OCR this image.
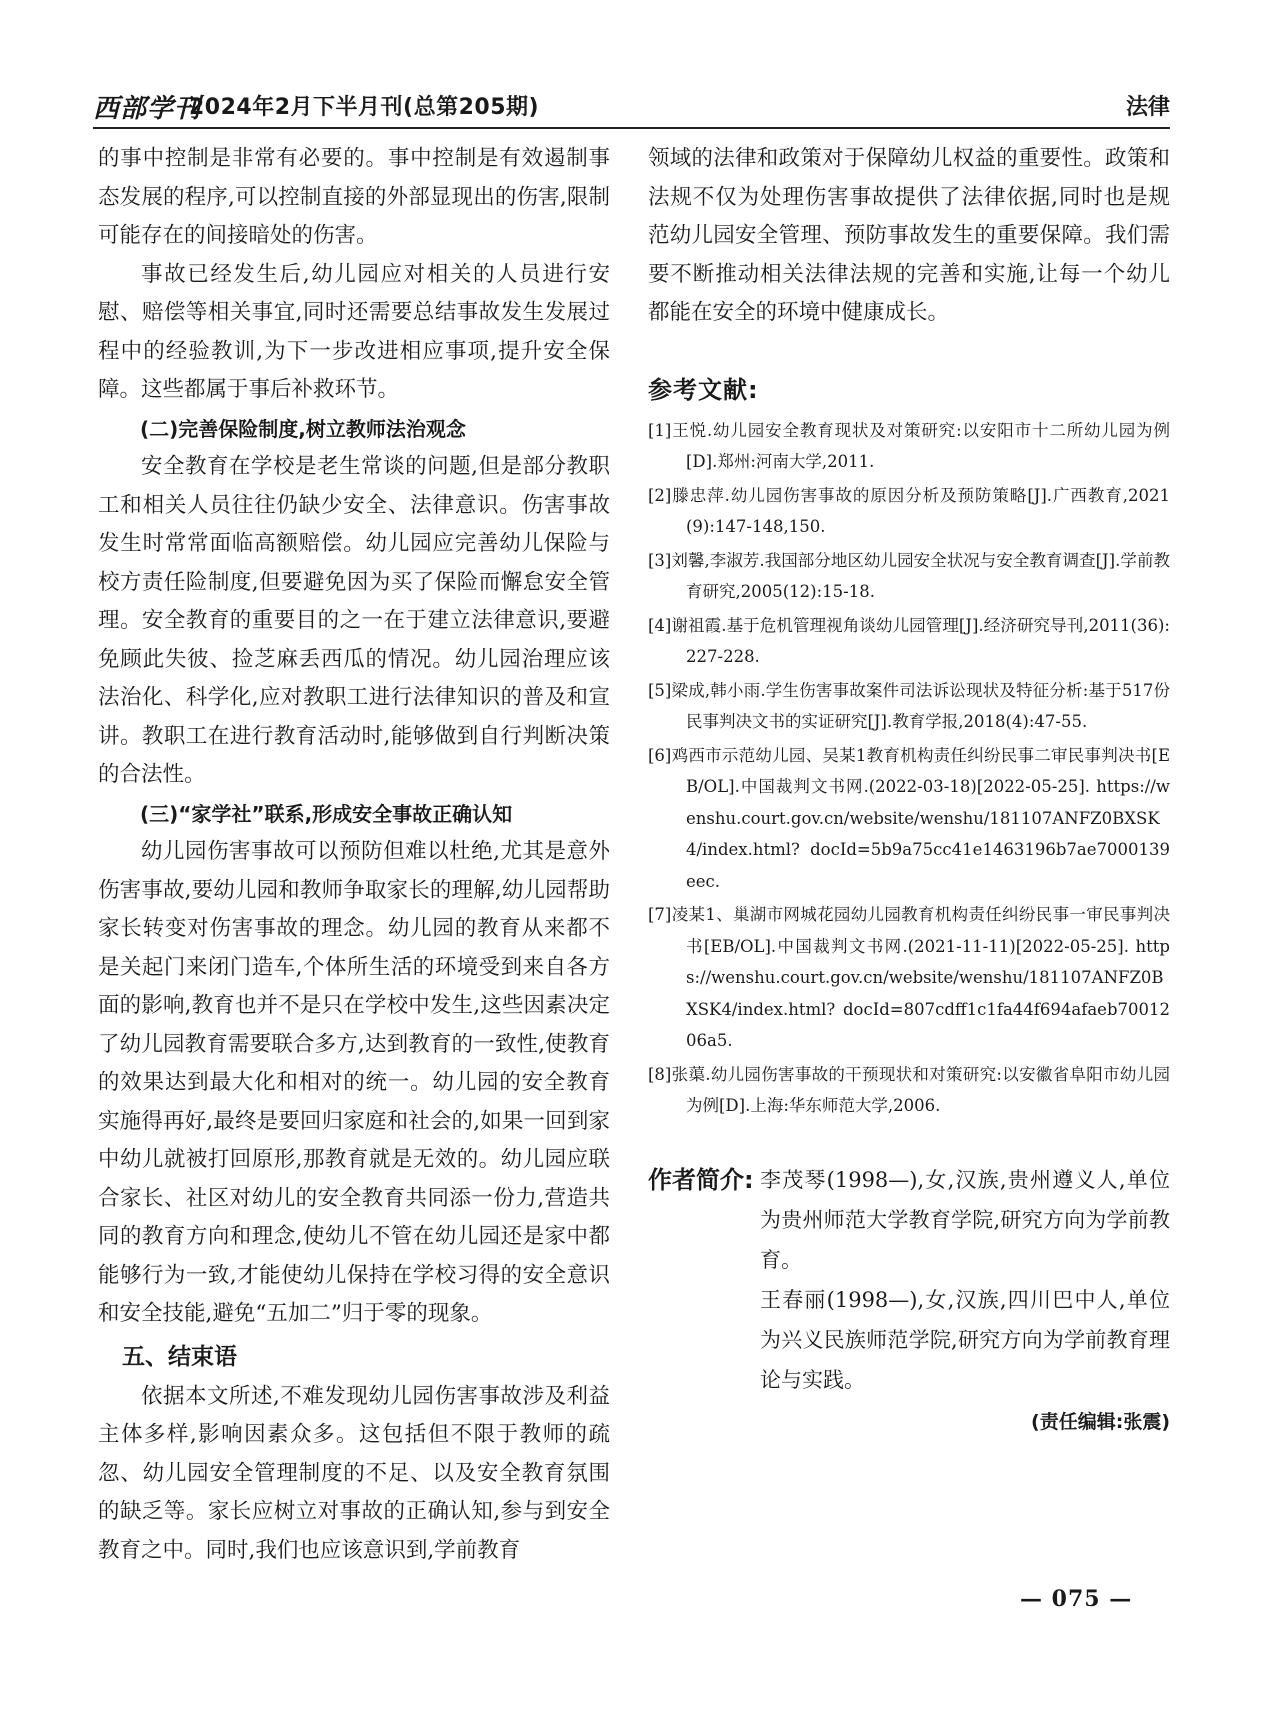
西部学刊
2024年2月下半月刊(总第205期)	法律

的事中控制是非常有必要的。事中控制是有效遏制事态发展的程序,可以控制直接的外部显现出的伤害,限制可能存在的间接暗处的伤害。

事故已经发生后,幼儿园应对相关的人员进行安慰、赔偿等相关事宜,同时还需要总结事故发生发展过程中的经验教训,为下一步改进相应事项,提升安全保障。这些都属于事后补救环节。

(二)完善保险制度,树立教师法治观念

安全教育在学校是老生常谈的问题,但是部分教职工和相关人员往往仍缺少安全、法律意识。伤害事故发生时常常面临高额赔偿。幼儿园应完善幼儿保险与校方责任险制度,但要避免因为买了保险而懈怠安全管理。安全教育的重要目的之一在于建立法律意识,要避免顾此失彼、捡芝麻丢西瓜的情况。幼儿园治理应该法治化、科学化,应对教职工进行法律知识的普及和宣讲。教职工在进行教育活动时,能够做到自行判断决策的合法性。

(三)“家学社”联系,形成安全事故正确认知

幼儿园伤害事故可以预防但难以杜绝,尤其是意外伤害事故,要幼儿园和教师争取家长的理解,幼儿园帮助家长转变对伤害事故的理念。幼儿园的教育从来都不是关起门来闭门造车,个体所生活的环境受到来自各方面的影响,教育也并不是只在学校中发生,这些因素决定了幼儿园教育需要联合多方,达到教育的一致性,使教育的效果达到最大化和相对的统一。幼儿园的安全教育实施得再好,最终是要回归家庭和社会的,如果一回到家中幼儿就被打回原形,那教育就是无效的。幼儿园应联合家长、社区对幼儿的安全教育共同添一份力,营造共同的教育方向和理念,使幼儿不管在幼儿园还是家中都能够行为一致,才能使幼儿保持在学校习得的安全意识和安全技能,避免“五加二”归于零的现象。

五、结束语

依据本文所述,不难发现幼儿园伤害事故涉及利益主体多样,影响因素众多。这包括但不限于教师的疏忽、幼儿园安全管理制度的不足、以及安全教育氛围的缺乏等。家长应树立对事故的正确认知,参与到安全教育之中。同时,我们也应该意识到,学前教育

领域的法律和政策对于保障幼儿权益的重要性。政策和法规不仅为处理伤害事故提供了法律依据,同时也是规范幼儿园安全管理、预防事故发生的重要保障。我们需要不断推动相关法律法规的完善和实施,让每一个幼儿都能在安全的环境中健康成长。

参考文献:
[1]王悦.幼儿园安全教育现状及对策研究:以安阳市十二所幼儿园为例[D].郑州:河南大学,2011.
[2]滕忠萍.幼儿园伤害事故的原因分析及预防策略[J].广西教育,2021(9):147-148,150.
[3]刘馨,李淑芳.我国部分地区幼儿园安全状况与安全教育调查[J].学前教育研究,2005(12):15-18.
[4]谢祖霞.基于危机管理视角谈幼儿园管理[J].经济研究导刊,2011(36):227-228.
[5]梁成,韩小雨.学生伤害事故案件司法诉讼现状及特征分析:基于517份民事判决文书的实证研究[J].教育学报,2018(4):47-55.
[6]鸡西市示范幼儿园、吴某1教育机构责任纠纷民事二审民事判决书[EB/OL].中国裁判文书网.(2022-03-18)[2022-05-25]. https://wenshu.court.gov.cn/website/wenshu/181107ANFZ0BXSK4/index.html? docId=5b9a75cc41e1463196b7ae7000139eec.
[7]凌某1、巢湖市网城花园幼儿园教育机构责任纠纷民事一审民事判决书[EB/OL].中国裁判文书网.(2021-11-11)[2022-05-25]. https://wenshu.court.gov.cn/website/wenshu/181107ANFZ0BXSK4/index.html? docId=807cdff1c1fa44f694afaeb7001206a5.
[8]张蕖.幼儿园伤害事故的干预现状和对策研究:以安徽省阜阳市幼儿园为例[D].上海:华东师范大学,2006.
作者简介: 李茂琴(1998—),女,汉族,贵州遵义人,单位为贵州师范大学教育学院,研究方向为学前教育。

王春丽(1998—),女,汉族,四川巴中人,单位为兴义民族师范学院,研究方向为学前教育理论与实践。

(责任编辑:张震)
— 075 —
